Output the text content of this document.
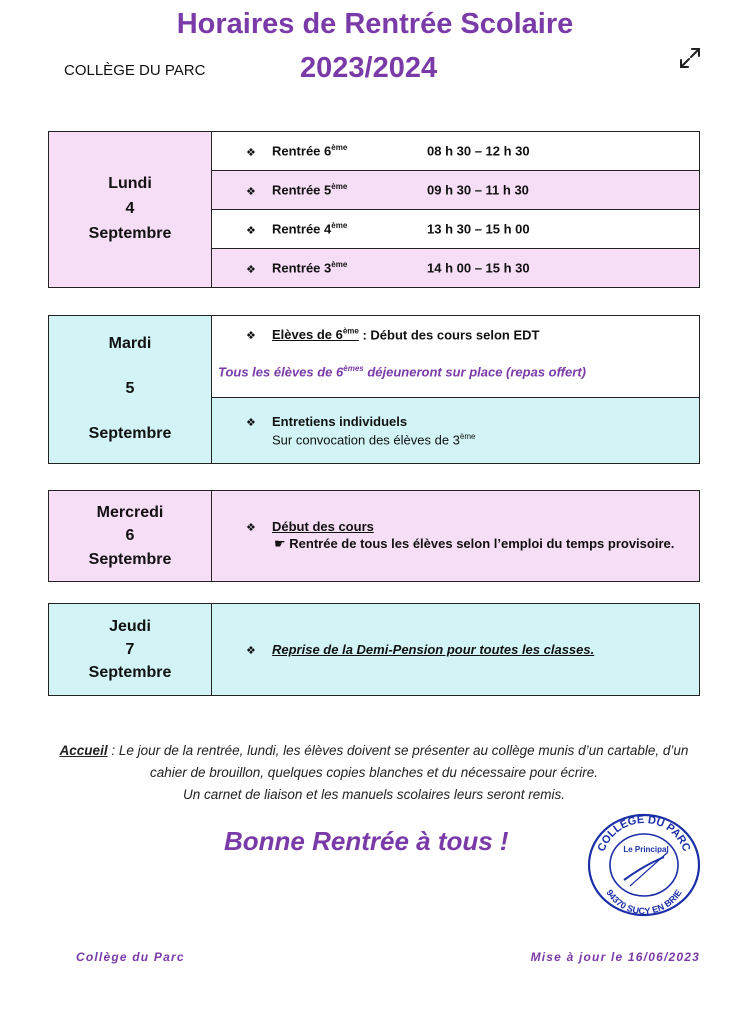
Horaires de Rentrée Scolaire
COLLÈGE DU PARC	2023/2024
Lundi
4
Septembre
	❖ Rentrée 6ème	08 h 30 – 12 h 30
❖ Rentrée 5ème	09 h 30 – 11 h 30
❖ Rentrée 4ème	13 h 30 – 15 h 00
❖ Rentrée 3ème	14 h 00 – 15 h 30
Mardi
5
Septembre

❖ Elèves de 6ème : Début des cours selon EDT
Tous les élèves de 6èmes déjeuneront sur place (repas offert)

❖ Entretiens individuels
Sur convocation des élèves de 3ème
Mercredi
6
Septembre

❖ Début des cours
☛ Rentrée de tous les élèves selon l’emploi du temps provisoire.
Jeudi
7
Septembre
	❖ Reprise de la Demi-Pension pour toutes les classes.
Accueil : Le jour de la rentrée, lundi, les élèves doivent se présenter au collège munis d’un cartable, d’un cahier de brouillon, quelques copies blanches et du nécessaire pour écrire.
Un carnet de liaison et les manuels scolaires leurs seront remis.
Bonne Rentrée à tous !	COLLEGE DU PARC
94370 SUCY EN BRIE
Le Principal
Collège du Parc	Mise à jour le 16/06/2023
